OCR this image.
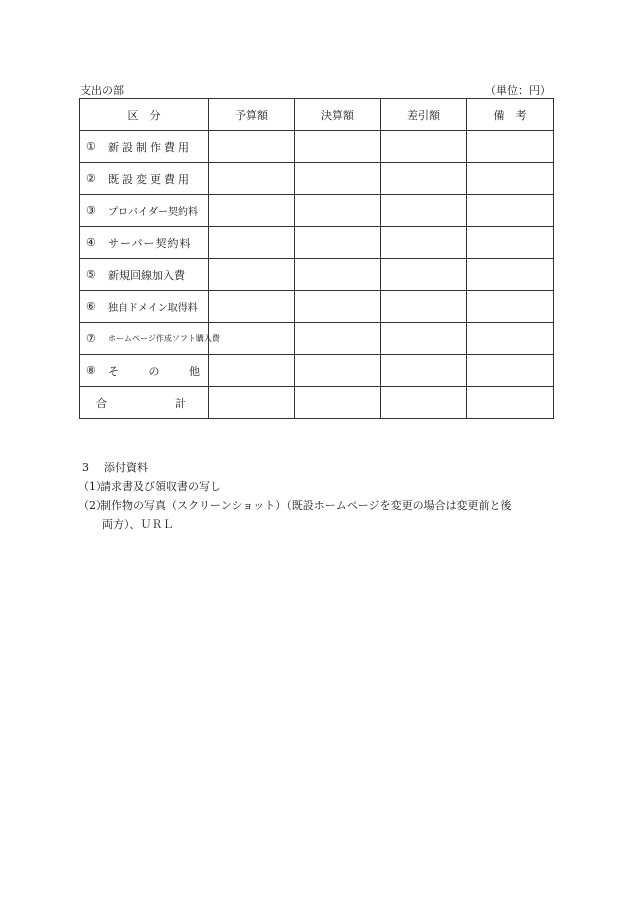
支出の部	（単位：円）
区　分	予算額	決算額	差引額	備　考

① 新設制作費用				

② 既設変更費用				

③ プロバイダー契約料				

④ サーバー契約料				

⑤ 新規回線加入費				

⑥ 独自ドメイン取得料				

⑦ ホームページ作成ソフト購入費				

⑧ そ の 他				

合 計				

3 添付資料
（1）請求書及び領収書の写し
（2）制作物の写真（スクリーンショット）（既設ホームページを変更の場合は変更前と後
両方）、ＵＲＬ
